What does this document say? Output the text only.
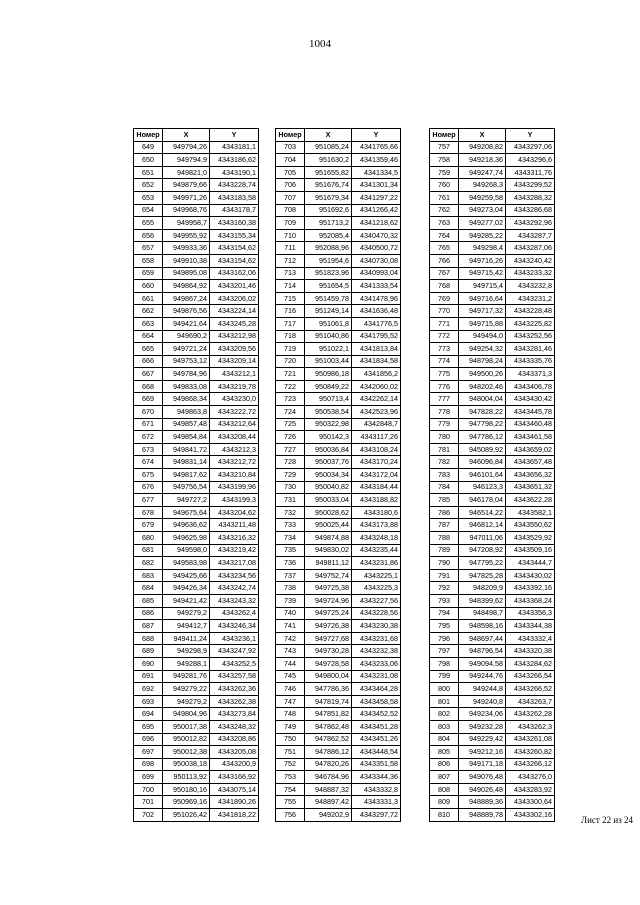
1004
Номер	X	Y
649	949794,26	4343181,1
650	949794,9	4343186,62
651	949821,0	4343190,1
652	949879,66	4343228,74
653	949971,26	4343183,58
654	949968,76	4343178,7
655	949958,7	4343160,38
656	949955,92	4343155,34
657	949933,36	4343154,62
658	949910,38	4343154,62
659	949895,08	4343162,06
660	949864,92	4343201,46
661	949867,24	4343206,02
662	949876,56	4343224,14
663	949421,64	4343245,28
664	949690,2	4343212,98
665	949721,24	4343209,56
666	949753,12	4343209,14
667	949784,96	4343212,1
668	949833,08	4343219,78
669	949868,34	4343230,0
670	949863,8	4343222,72
671	949857,48	4343212,64
672	949854,84	4343208,44
673	949841,72	4343212,3
674	949831,14	4343212,72
675	949817,62	4343210,84
676	949756,54	4343199,96
677	949727,2	4343199,3
678	949675,64	4343204,62
679	949636,62	4343211,48
680	949625,98	4343216,32
681	949598,0	4343219,42
682	949583,98	4343217,08
683	949425,66	4343234,56
684	949426,34	4343242,74
685	949421,42	4343243,32
686	949279,2	4343262,4
687	949412,7	4343246,34
688	949411,24	4343236,1
689	949298,9	4343247,92
690	949288,1	4343252,5
691	949281,76	4343257,58
692	949279,22	4343262,36
693	949279,2	4343262,38
694	949804,96	4343273,84
695	950017,38	4343248,32
696	950012,82	4343208,86
697	950012,38	4343205,08
698	950038,18	4343200,9
699	950113,92	4343166,92
700	950180,16	4343075,14
701	950969,16	4341890,26
702	951026,42	4341818,22
Номер	X	Y
703	951085,24	4341765,66
704	951630,2	4341359,46
705	951655,82	4341334,5
706	951676,74	4341301,34
707	951679,34	4341297,22
708	951692,6	4341266,42
709	951713,2	4341218,62
710	952085,4	4340470,32
711	952088,96	4340500,72
712	951954,6	4340730,08
713	951823,96	4340993,04
714	951654,5	4341333,54
715	951459,78	4341478,96
716	951249,14	4341636,48
717	951061,8	4341776,5
718	951040,86	4341795,52
719	951022,1	4341813,84
720	951003,44	4341834,58
721	950986,18	4341856,2
722	950849,22	4342060,02
723	950713,4	4342262,14
724	950538,54	4342523,96
725	950322,98	4342848,7
726	950142,3	4343117,26
727	950036,84	4343108,24
728	950037,76	4343170,24
729	950034,34	4343172,04
730	950040,82	4343184,44
731	950033,04	4343188,82
732	950028,62	4343180,6
733	950025,44	4343173,88
734	949874,88	4343248,18
735	949830,02	4343235,44
736	949811,12	4343231,86
737	949752,74	4343225,1
738	949725,38	4343225,3
739	949724,96	4343227,56
740	949725,24	4343228,56
741	949726,38	4343230,38
742	949727,68	4343231,68
743	949730,28	4343232,38
744	949728,58	4343233,06
745	949800,04	4343231,08
746	947786,36	4343464,28
747	947819,74	4343458,58
748	947851,82	4343452,52
749	947862,48	4343451,28
750	947862,52	4343451,26
751	947886,12	4343448,54
752	947820,26	4343351,58
753	946784,96	4343344,36
754	948887,32	4343332,8
755	948897,42	4343331,3
756	949202,9	4343297,72
Номер	X	Y
757	949208,82	4343297,06
758	949218,36	4343296,6
759	949247,74	4343311,76
760	949268,3	4343299,52
761	949259,58	4343288,32
762	949273,04	4343286,68
763	949277,02	4343292,96
764	949285,22	4343287,7
765	949298,4	4343287,06
766	949716,26	4343240,42
767	949715,42	4343233,32
768	949715,4	4343232,8
769	949716,64	4343231,2
770	949717,32	4343228,48
771	949715,88	4343225,82
772	949494,0	4343252,56
773	949254,32	4343281,46
774	948798,24	4343335,76
775	949500,26	4343371,3
776	948202,46	4343406,78
777	948004,04	4343430,42
778	947828,22	4343445,78
779	947798,22	4343460,48
780	947786,12	4343461,58
781	945089,92	4343659,02
782	946096,84	4343657,48
783	946101,64	4343656,32
784	946123,3	4343651,32
785	946178,04	4343622,28
786	946514,22	4343582,1
787	946812,14	4343550,62
788	947011,06	4343529,92
789	947208,92	4343509,16
790	947795,22	4343444,7
791	947825,28	4343430,02
792	948209,9	4343392,16
793	948399,62	4343368,24
794	948498,7	4343356,3
795	948598,16	4343344,38
796	948697,44	4343332,4
797	948796,54	4343320,38
798	949094,58	4343284,62
799	949244,76	4343266,54
800	949244,8	4343266,52
801	949240,8	4343263,7
802	949234,06	4343262,28
803	949232,28	4343262,3
804	949229,42	4343261,08
805	949212,16	4343260,82
806	949171,18	4343266,12
807	949076,48	4343276,0
808	949026,48	4343283,92
809	948889,36	4343300,64
810	948889,78	4343302,16
Лист 22 из 24
